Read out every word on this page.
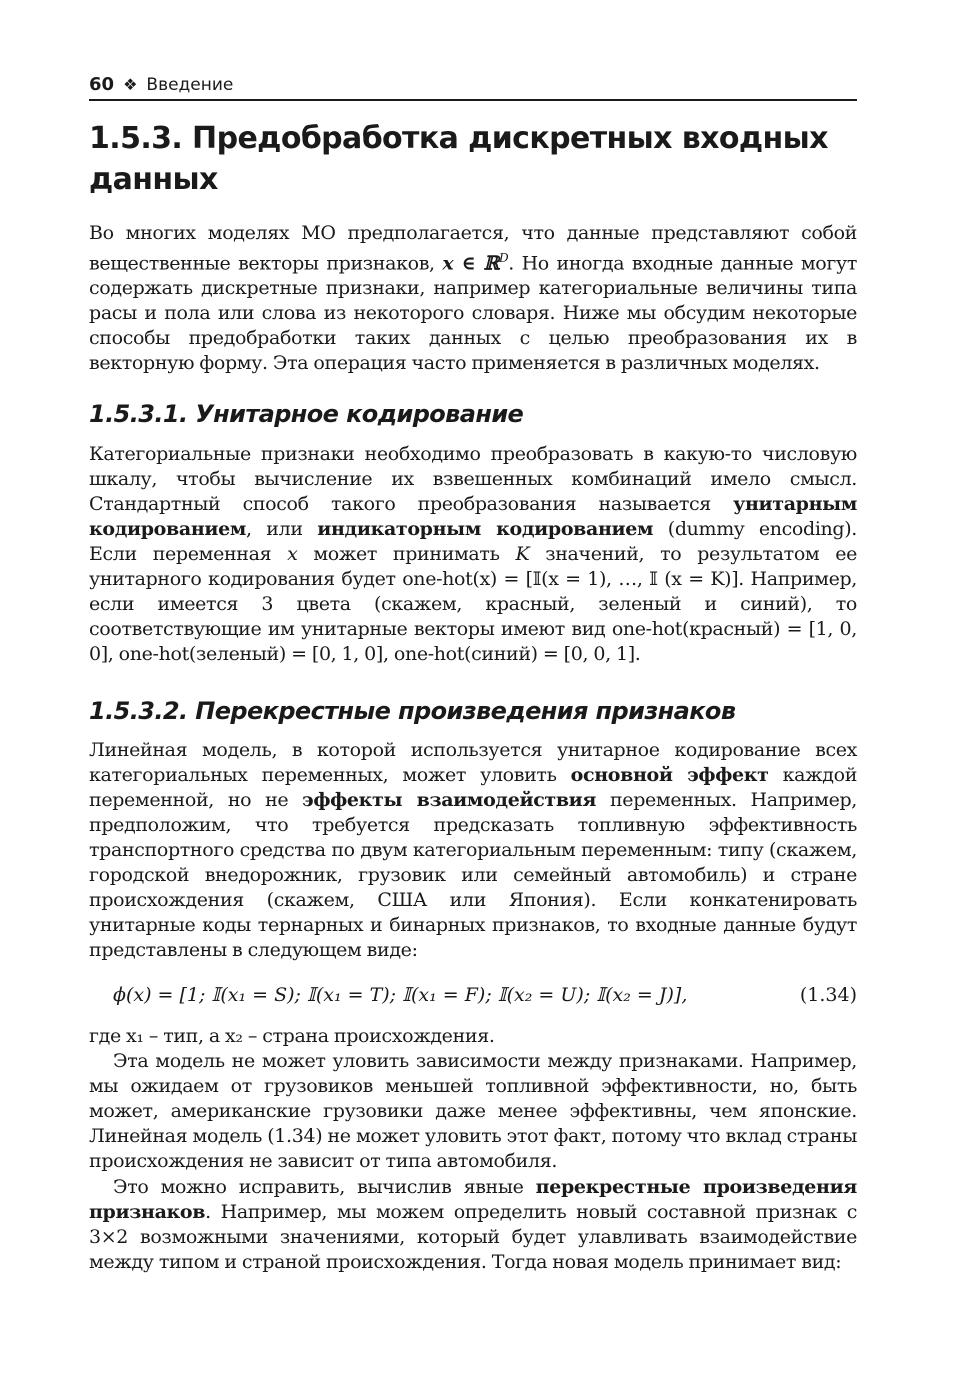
60 ❖ Введение
1.5.3. Предобработка дискретных входных данных

Во многих моделях МО предполагается, что данные представляют собой вещественные векторы признаков, x ∈ ℝ$^D$. Но иногда входные данные могут содержать дискретные признаки, например категориальные величины типа расы и пола или слова из некоторого словаря. Ниже мы обсудим некоторые способы предобработки таких данных с целью преобразования их в векторную форму. Эта операция часто применяется в различных моделях.

1.5.3.1. Унитарное кодирование

Категориальные признаки необходимо преобразовать в какую-то числовую шкалу, чтобы вычисление их взвешенных комбинаций имело смысл. Стандартный способ такого преобразования называется унитарным кодированием, или индикаторным кодированием (dummy encoding). Если переменная x может принимать K значений, то результатом ее унитарного кодирования будет one-hot(x) = [𝕀(x = 1), …, 𝕀 (x = K)]. Например, если имеется 3 цвета (скажем, красный, зеленый и синий), то соответствующие им унитарные векторы имеют вид one-hot(красный) = [1, 0, 0], one-hot(зеленый) = [0, 1, 0], one-hot(синий) = [0, 0, 1].

1.5.3.2. Перекрестные произведения признаков

Линейная модель, в которой используется унитарное кодирование всех категориальных переменных, может уловить основной эффект каждой переменной, но не эффекты взаимодействия переменных. Например, предположим, что требуется предсказать топливную эффективность транспортного средства по двум категориальным переменным: типу (скажем, городской внедорожник, грузовик или семейный автомобиль) и стране происхождения (скажем, США или Япония). Если конкатенировать унитарные коды тернарных и бинарных признаков, то входные данные будут представлены в следующем виде:

ϕ(x) = [1; 𝕀(x₁ = S); 𝕀(x₁ = T); 𝕀(x₁ = F); 𝕀(x₂ = U); 𝕀(x₂ = J)],	(1.34)

где x₁ – тип, а x₂ – страна происхождения.

Эта модель не может уловить зависимости между признаками. Например, мы ожидаем от грузовиков меньшей топливной эффективности, но, быть может, американские грузовики даже менее эффективны, чем японские. Линейная модель (1.34) не может уловить этот факт, потому что вклад страны происхождения не зависит от типа автомобиля.

Это можно исправить, вычислив явные перекрестные произведения признаков. Например, мы можем определить новый составной признак с 3×2 возможными значениями, который будет улавливать взаимодействие между типом и страной происхождения. Тогда новая модель принимает вид:
